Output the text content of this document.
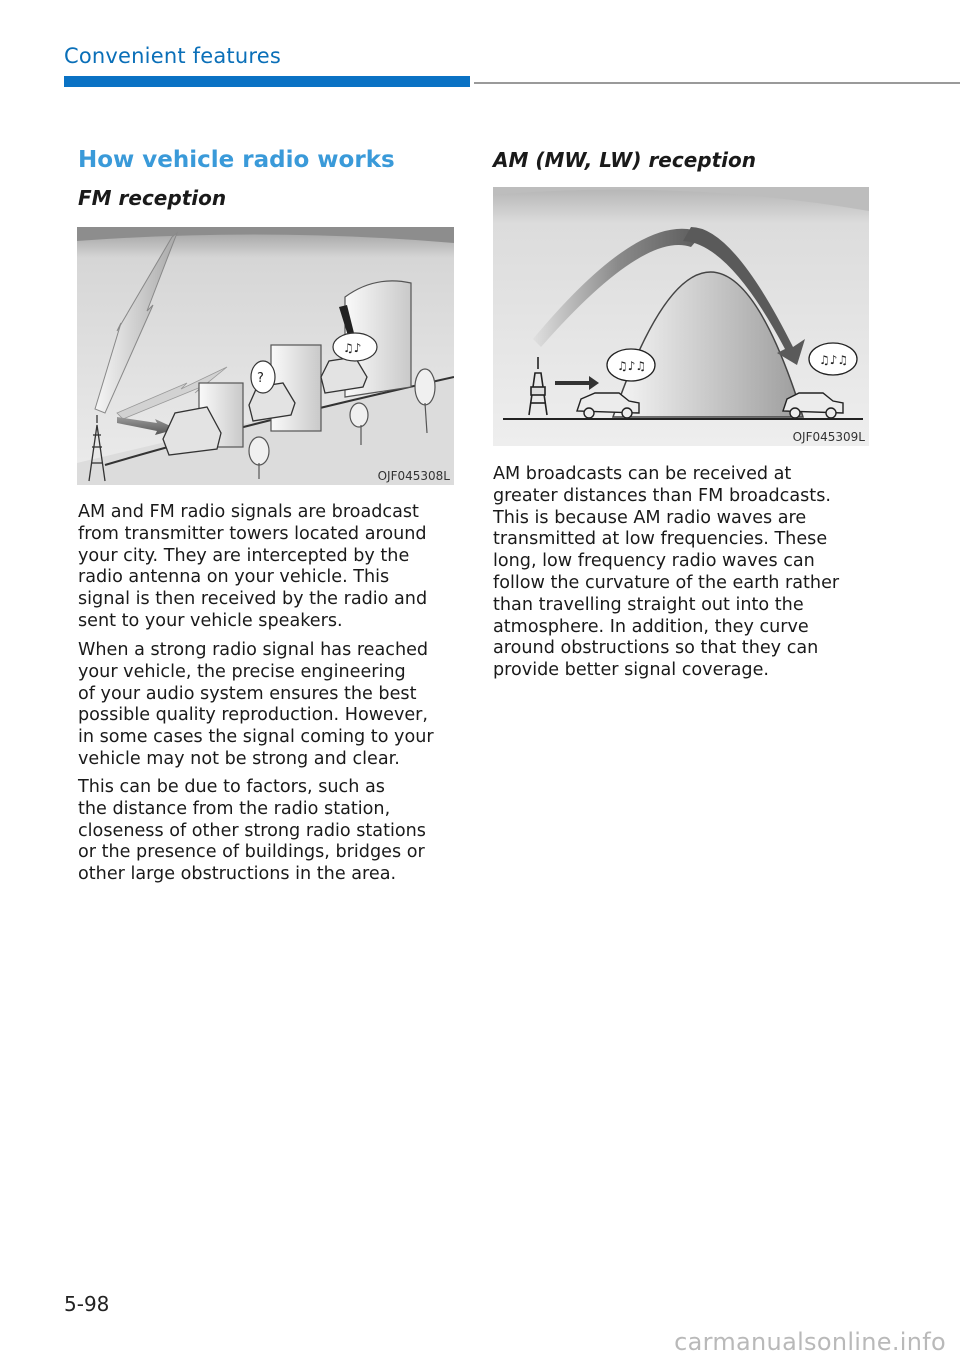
Convenient features
How vehicle radio works
FM reception
♫♪
?
OJF045308L
AM and FM radio signals are broadcast
from transmitter towers located around
your city. They are intercepted by the
radio antenna on your vehicle. This
signal is then received by the radio and
sent to your vehicle speakers.
When a strong radio signal has reached
your vehicle, the precise engineering
of your audio system ensures the best
possible quality reproduction. However,
in some cases the signal coming to your
vehicle may not be strong and clear.
This can be due to factors, such as
the distance from the radio station,
closeness of other strong radio stations
or the presence of buildings, bridges or
other large obstructions in the area.
AM (MW, LW) reception
♫♪♫	♫♪♫
OJF045309L
AM broadcasts can be received at
greater distances than FM broadcasts.
This is because AM radio waves are
transmitted at low frequencies. These
long, low frequency radio waves can
follow the curvature of the earth rather
than travelling straight out into the
atmosphere. In addition, they curve
around obstructions so that they can
provide better signal coverage.
5-98
carmanualsonline.info
